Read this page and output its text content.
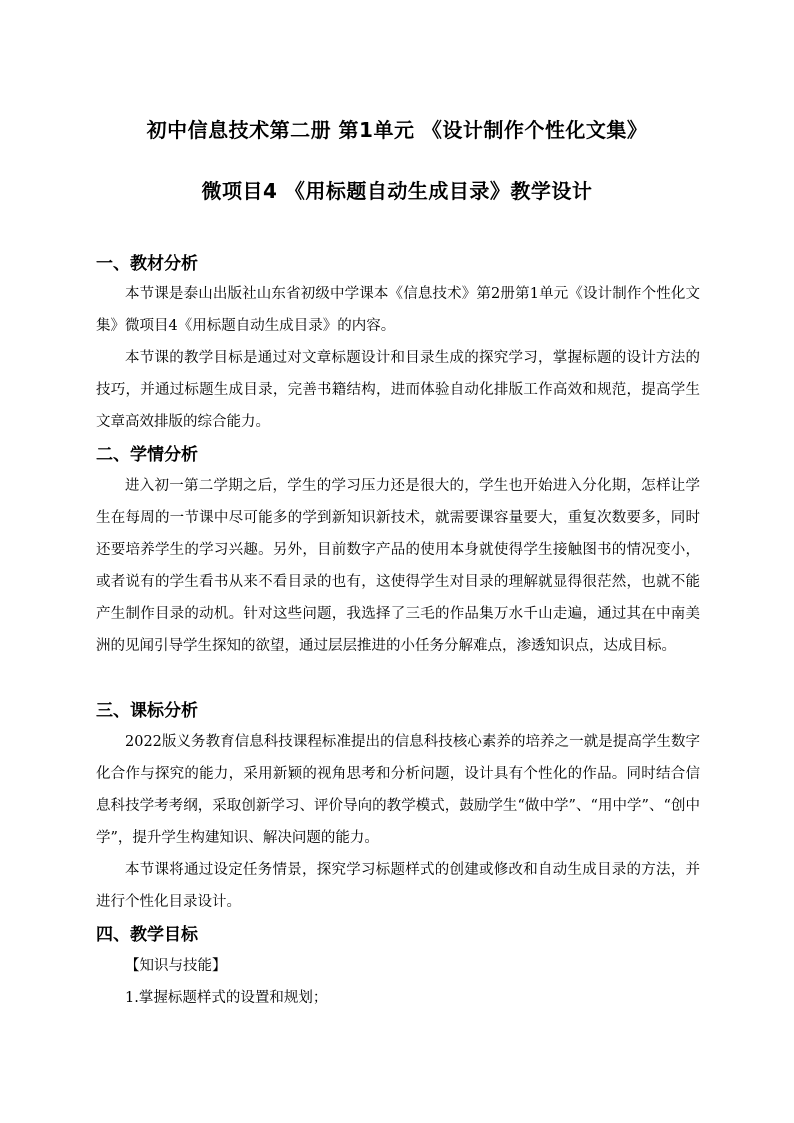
初中信息技术第二册 第1单元 《设计制作个性化文集》
微项目4 《用标题自动生成目录》教学设计
一、教材分析

本节课是泰山出版社山东省初级中学课本《信息技术》第2册第1单元《设计制作个性化文集》微项目4《用标题自动生成目录》的内容。

本节课的教学目标是通过对文章标题设计和目录生成的探究学习，掌握标题的设计方法的技巧，并通过标题生成目录，完善书籍结构，进而体验自动化排版工作高效和规范，提高学生文章高效排版的综合能力。

二、学情分析

进入初一第二学期之后，学生的学习压力还是很大的，学生也开始进入分化期，怎样让学生在每周的一节课中尽可能多的学到新知识新技术，就需要课容量要大，重复次数要多，同时还要培养学生的学习兴趣。另外，目前数字产品的使用本身就使得学生接触图书的情况变小，或者说有的学生看书从来不看目录的也有，这使得学生对目录的理解就显得很茫然，也就不能产生制作目录的动机。针对这些问题，我选择了三毛的作品集万水千山走遍，通过其在中南美洲的见闻引导学生探知的欲望，通过层层推进的小任务分解难点，渗透知识点，达成目标。

三、课标分析

2022版义务教育信息科技课程标准提出的信息科技核心素养的培养之一就是提高学生数字化合作与探究的能力，采用新颖的视角思考和分析问题，设计具有个性化的作品。同时结合信息科技学考考纲，采取创新学习、评价导向的教学模式，鼓励学生“做中学”、“用中学”、“创中学”，提升学生构建知识、解决问题的能力。

本节课将通过设定任务情景，探究学习标题样式的创建或修改和自动生成目录的方法，并进行个性化目录设计。

四、教学目标
【知识与技能】
1.掌握标题样式的设置和规划；
